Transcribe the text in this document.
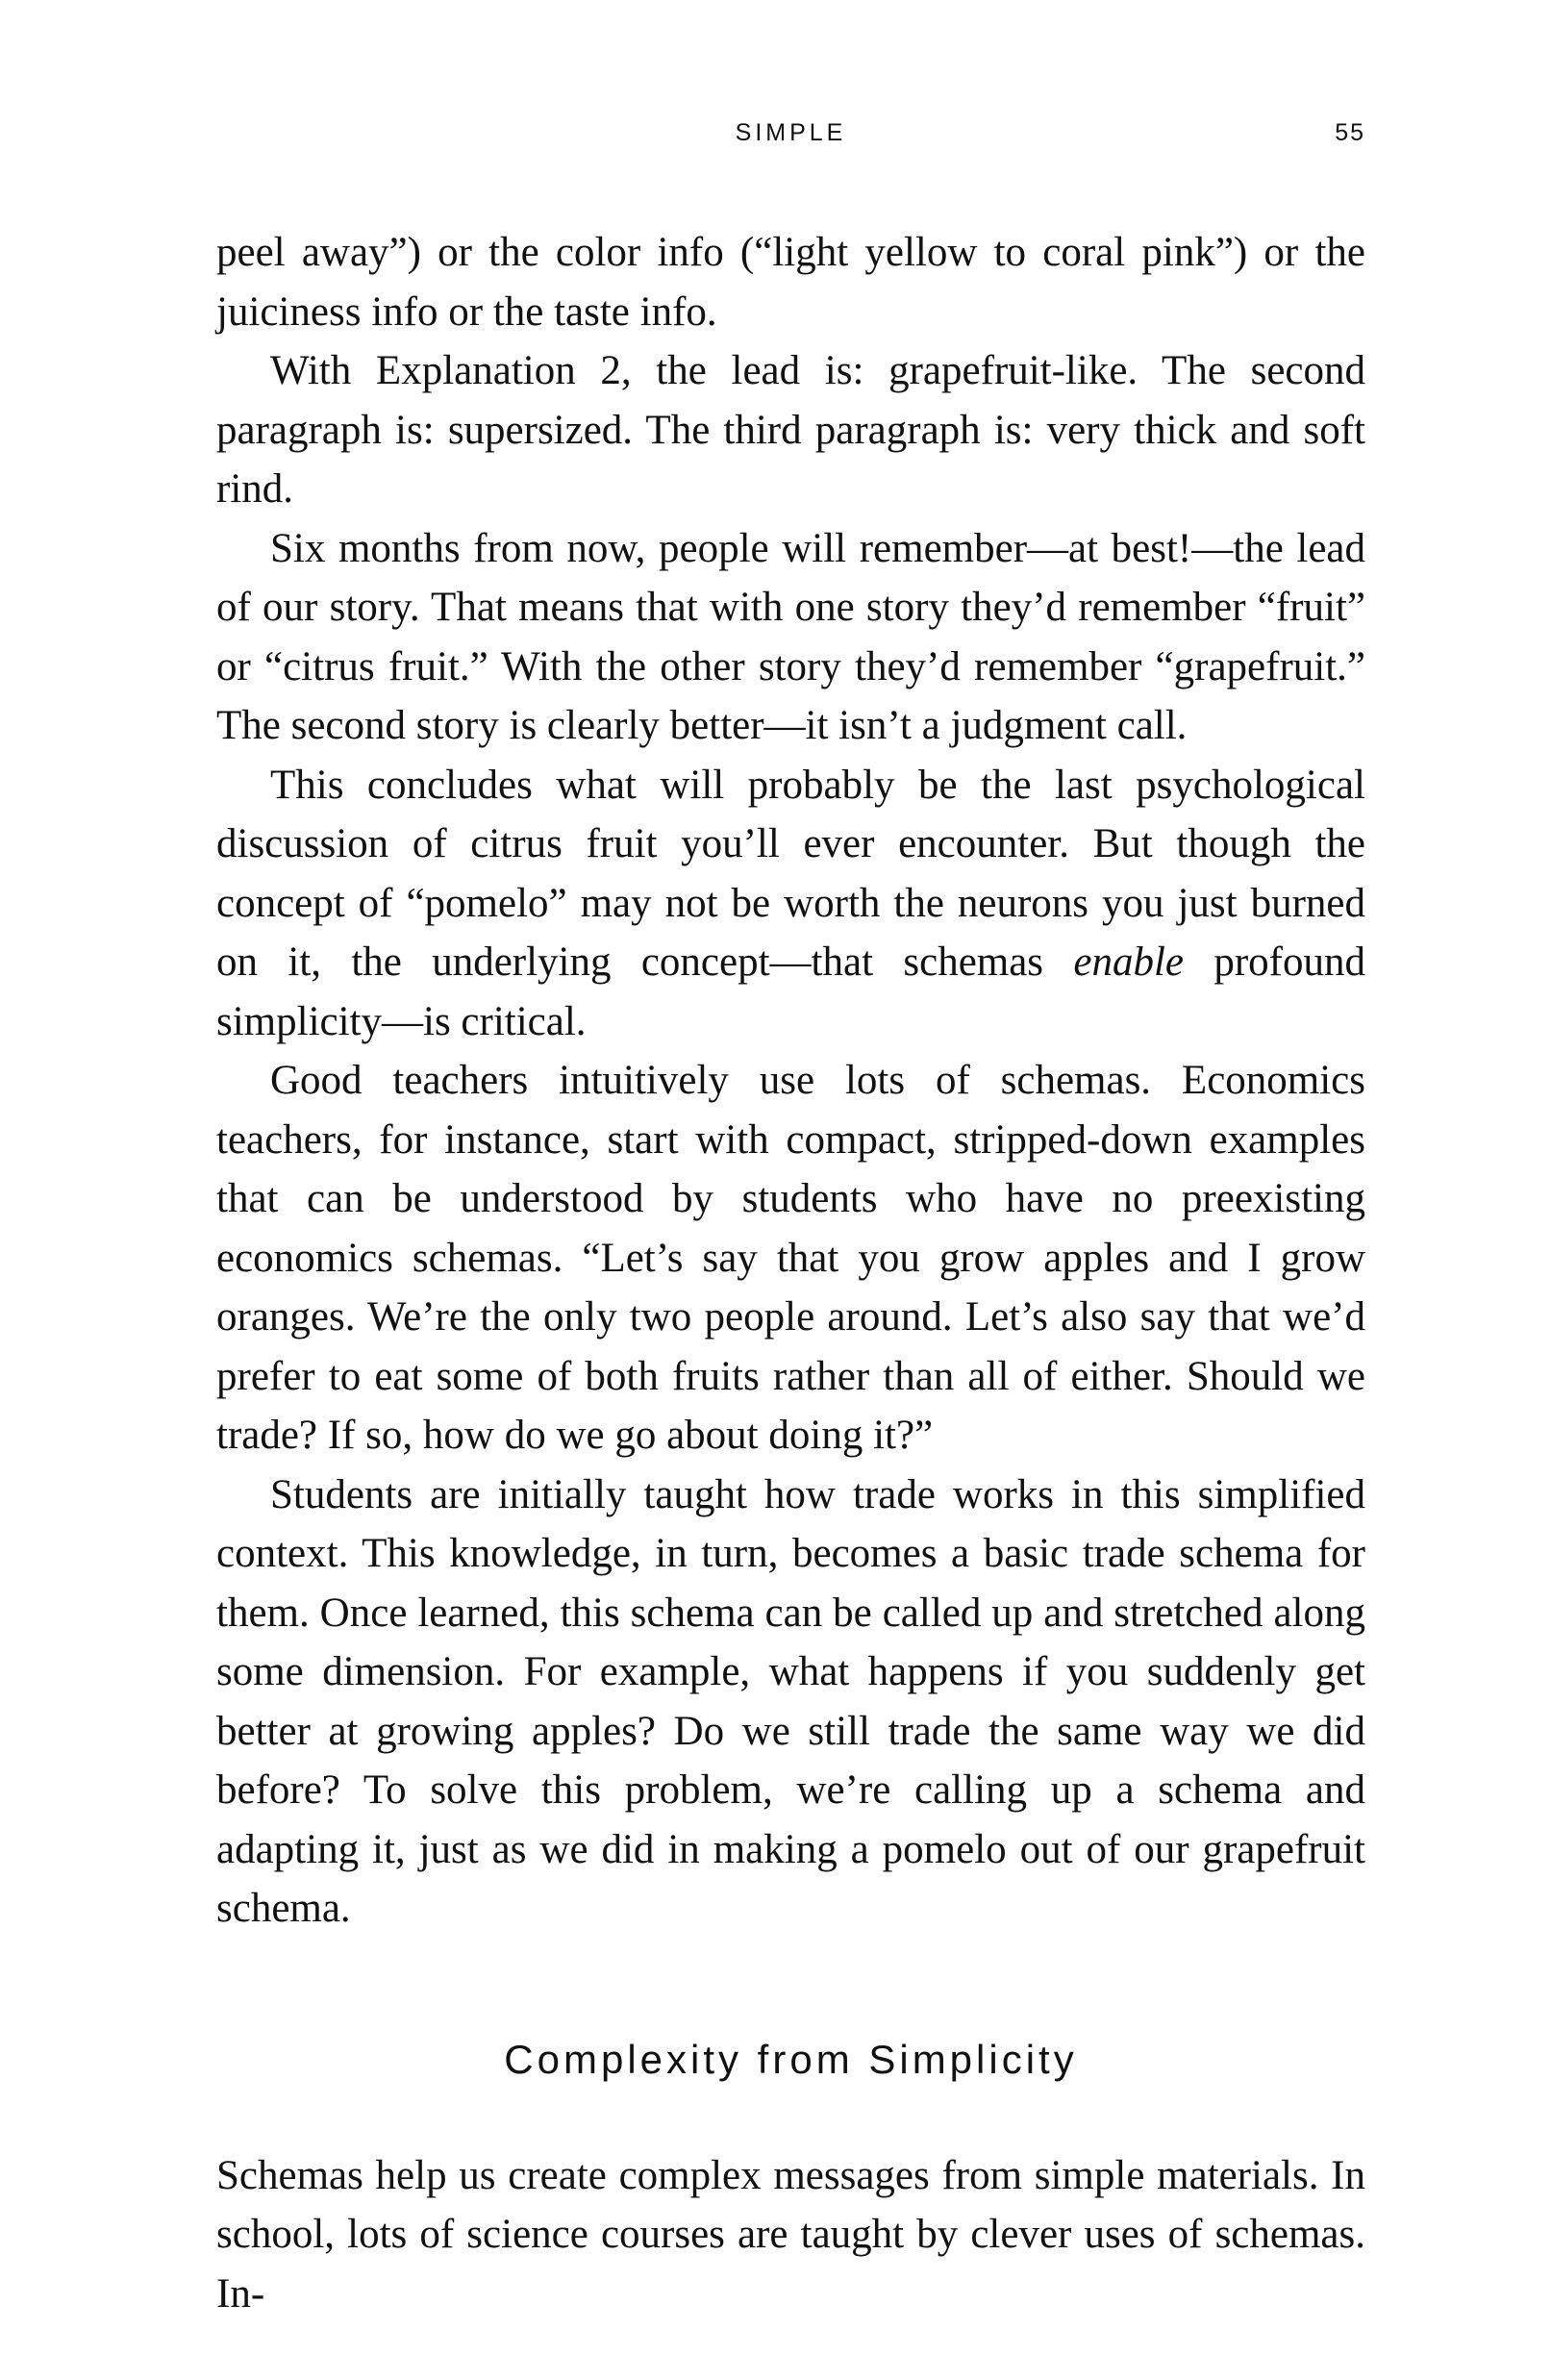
SIMPLE	55

peel away”) or the color info (“light yellow to coral pink”) or the juiciness info or the taste info.

With Explanation 2, the lead is: grapefruit-like. The second paragraph is: supersized. The third paragraph is: very thick and soft rind.

Six months from now, people will remember—at best!—the lead of our story. That means that with one story they’d remember “fruit” or “citrus fruit.” With the other story they’d remember “grapefruit.” The second story is clearly better—it isn’t a judgment call.

This concludes what will probably be the last psychological discussion of citrus fruit you’ll ever encounter. But though the concept of “pomelo” may not be worth the neurons you just burned on it, the underlying concept—that schemas enable profound simplicity—is critical.

Good teachers intuitively use lots of schemas. Economics teachers, for instance, start with compact, stripped-down examples that can be understood by students who have no preexisting economics schemas. “Let’s say that you grow apples and I grow oranges. We’re the only two people around. Let’s also say that we’d prefer to eat some of both fruits rather than all of either. Should we trade? If so, how do we go about doing it?”

Students are initially taught how trade works in this simplified context. This knowledge, in turn, becomes a basic trade schema for them. Once learned, this schema can be called up and stretched along some dimension. For example, what happens if you suddenly get better at growing apples? Do we still trade the same way we did before? To solve this problem, we’re calling up a schema and adapting it, just as we did in making a pomelo out of our grapefruit schema.

Complexity from Simplicity

Schemas help us create complex messages from simple materials. In school, lots of science courses are taught by clever uses of schemas. In-
